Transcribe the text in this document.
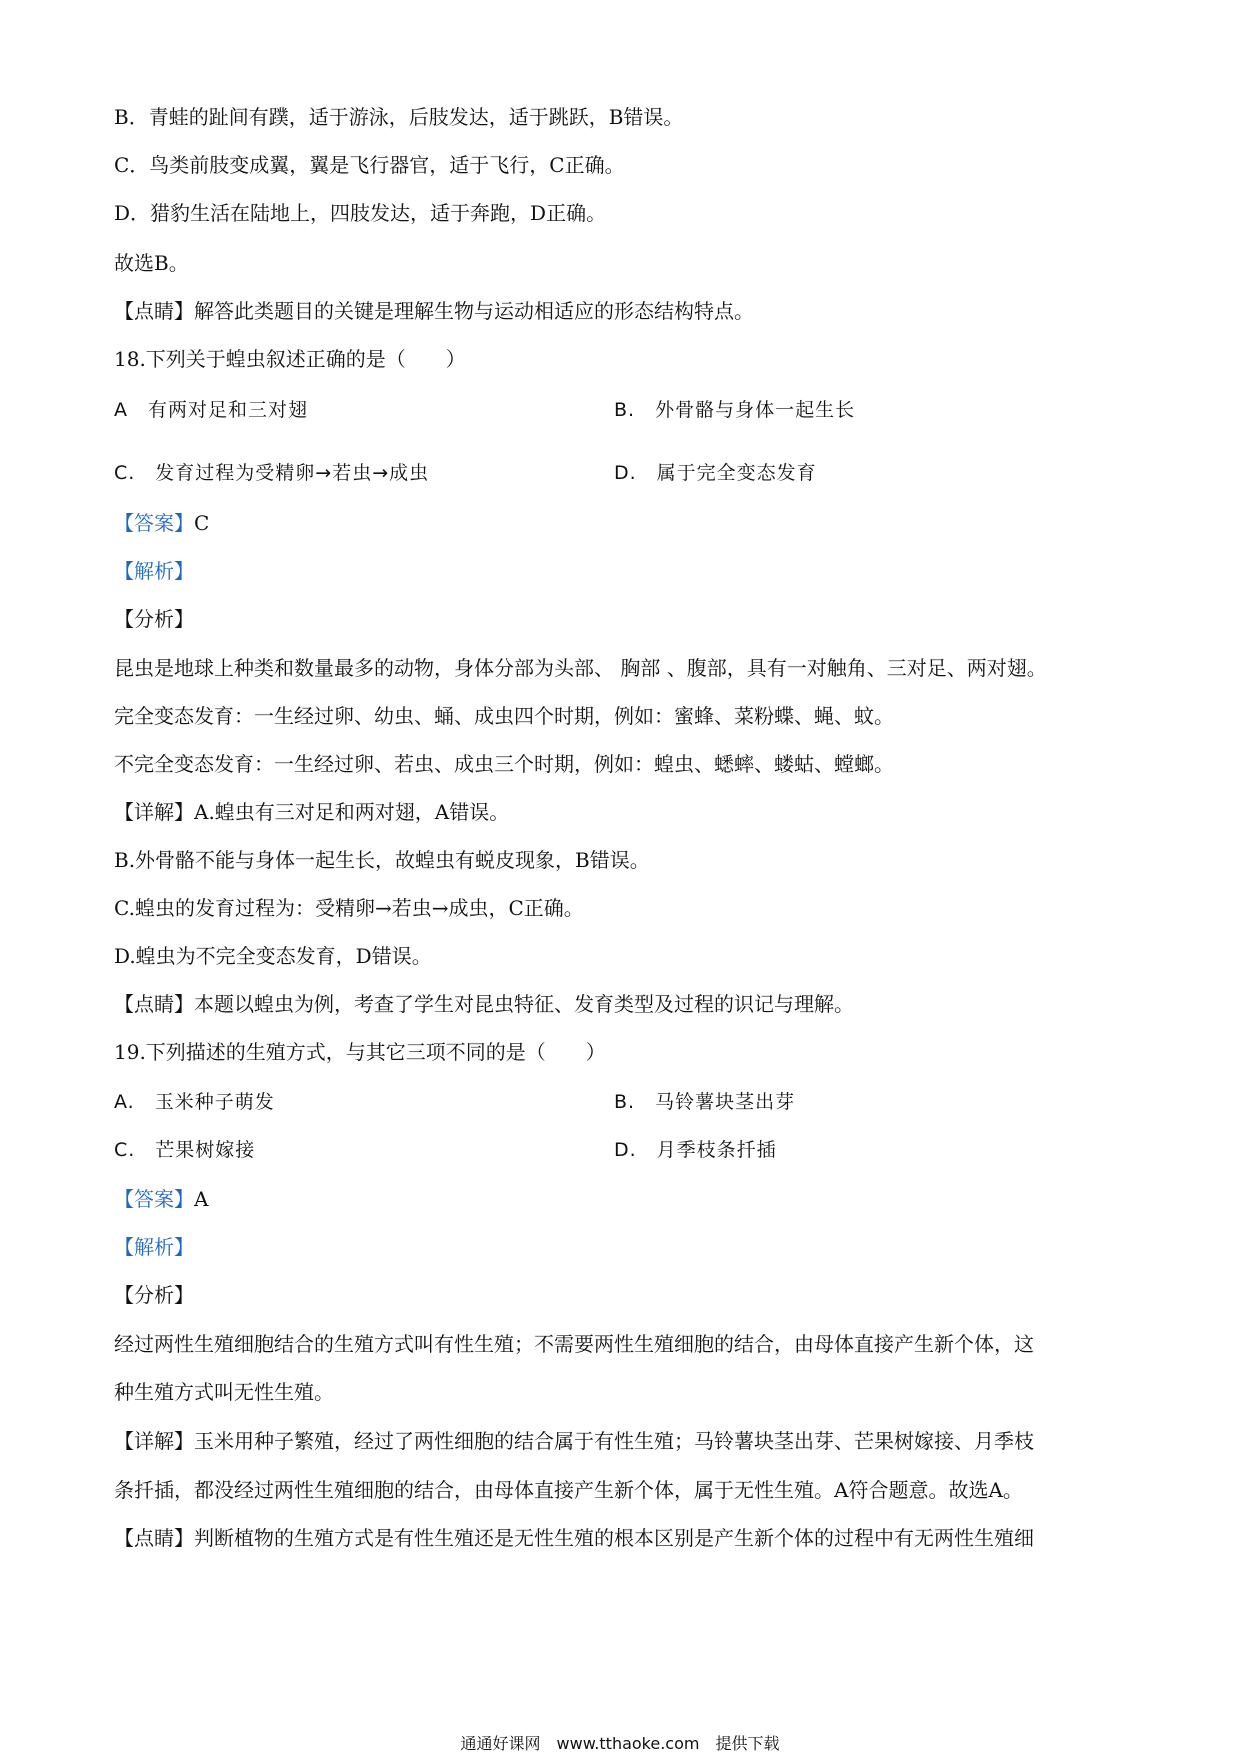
B．青蛙的趾间有蹼，适于游泳，后肢发达，适于跳跃，B错误。
C．鸟类前肢变成翼，翼是飞行器官，适于飞行，C正确。
D．猎豹生活在陆地上，四肢发达，适于奔跑，D正确。
故选B。
【点睛】解答此类题目的关键是理解生物与运动相适应的形态结构特点。
18.下列关于蝗虫叙述正确的是（　　）
A　有两对足和三对翅	B.　外骨骼与身体一起生长
C.　发育过程为受精卵→若虫→成虫	D.　属于完全变态发育
【答案】C
【解析】
【分析】
昆虫是地球上种类和数量最多的动物，身体分部为头部、 胸部 、腹部，具有一对触角、三对足、两对翅。
完全变态发育：一生经过卵、幼虫、蛹、成虫四个时期，例如：蜜蜂、菜粉蝶、蝇、蚊。
不完全变态发育：一生经过卵、若虫、成虫三个时期，例如：蝗虫、蟋蟀、蝼蛄、螳螂。
【详解】A.蝗虫有三对足和两对翅，A错误。
B.外骨骼不能与身体一起生长，故蝗虫有蜕皮现象，B错误。
C.蝗虫的发育过程为：受精卵→若虫→成虫，C正确。
D.蝗虫为不完全变态发育，D错误。
【点睛】本题以蝗虫为例，考查了学生对昆虫特征、发育类型及过程的识记与理解。
19.下列描述的生殖方式，与其它三项不同的是（　　）
A.　玉米种子萌发	B.　马铃薯块茎出芽
C.　芒果树嫁接	D.　月季枝条扦插
【答案】A
【解析】
【分析】
经过两性生殖细胞结合的生殖方式叫有性生殖；不需要两性生殖细胞的结合，由母体直接产生新个体，这
种生殖方式叫无性生殖。
【详解】玉米用种子繁殖，经过了两性细胞的结合属于有性生殖；马铃薯块茎出芽、芒果树嫁接、月季枝
条扦插，都没经过两性生殖细胞的结合，由母体直接产生新个体，属于无性生殖。A符合题意。故选A。
【点睛】判断植物的生殖方式是有性生殖还是无性生殖的根本区别是产生新个体的过程中有无两性生殖细
通通好课网　www.tthaoke.com　提供下载
